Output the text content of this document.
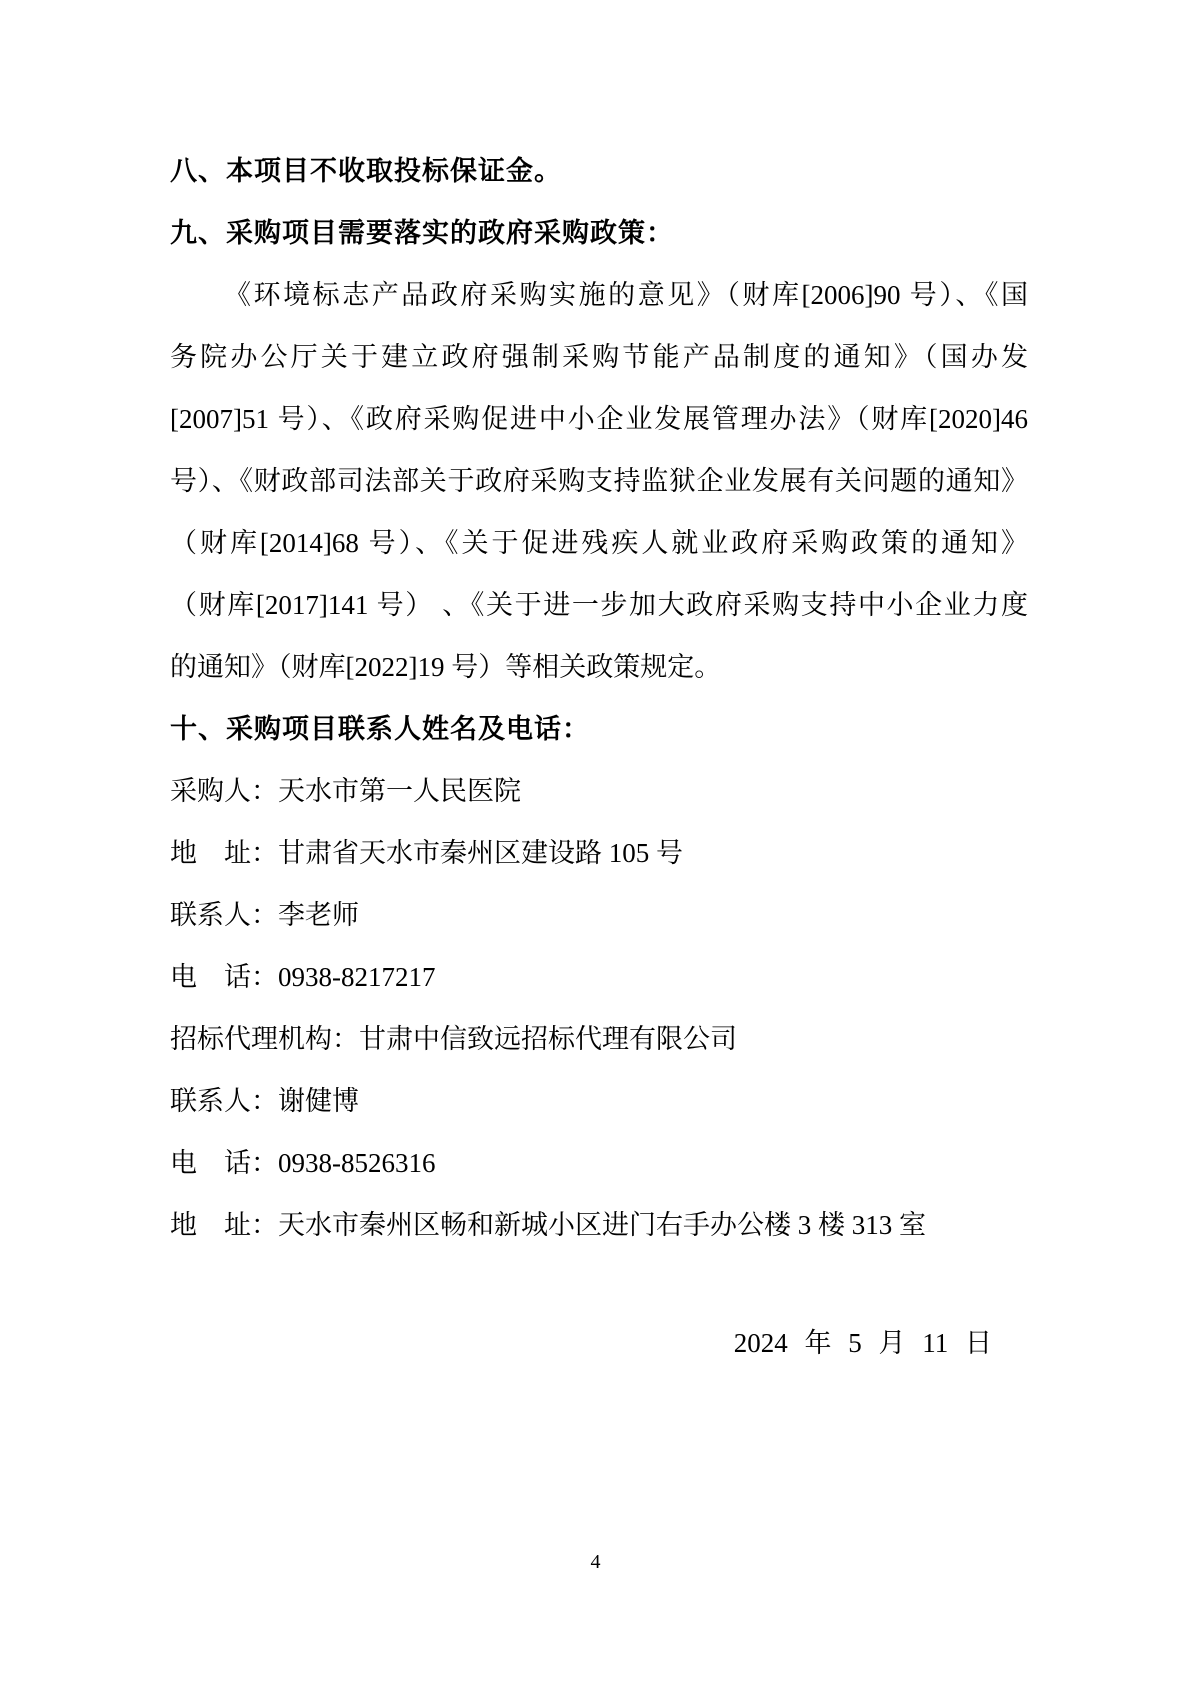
八、本项目不收取投标保证金。
九、采购项目需要落实的政府采购政策：
《环境标志产品政府采购实施的意见》（财库[2006]90 号）、《国
务院办公厅关于建立政府强制采购节能产品制度的通知》（国办发
[2007]51 号）、《政府采购促进中小企业发展管理办法》（财库[2020]46
号）、《财政部司法部关于政府采购支持监狱企业发展有关问题的通知》
（财库[2014]68 号）、《关于促进残疾人就业政府采购政策的通知》
（财库[2017]141 号） 、《关于进一步加大政府采购支持中小企业力度
的通知》（财库[2022]19 号）等相关政策规定。
十、采购项目联系人姓名及电话：
采购人：天水市第一人民医院
地　址：甘肃省天水市秦州区建设路 105 号
联系人：李老师
电　话：0938-8217217
招标代理机构：甘肃中信致远招标代理有限公司
联系人：谢健博
电　话：0938-8526316
地　址：天水市秦州区畅和新城小区进门右手办公楼 3 楼 313 室
2024 年 5 月 11 日
4
